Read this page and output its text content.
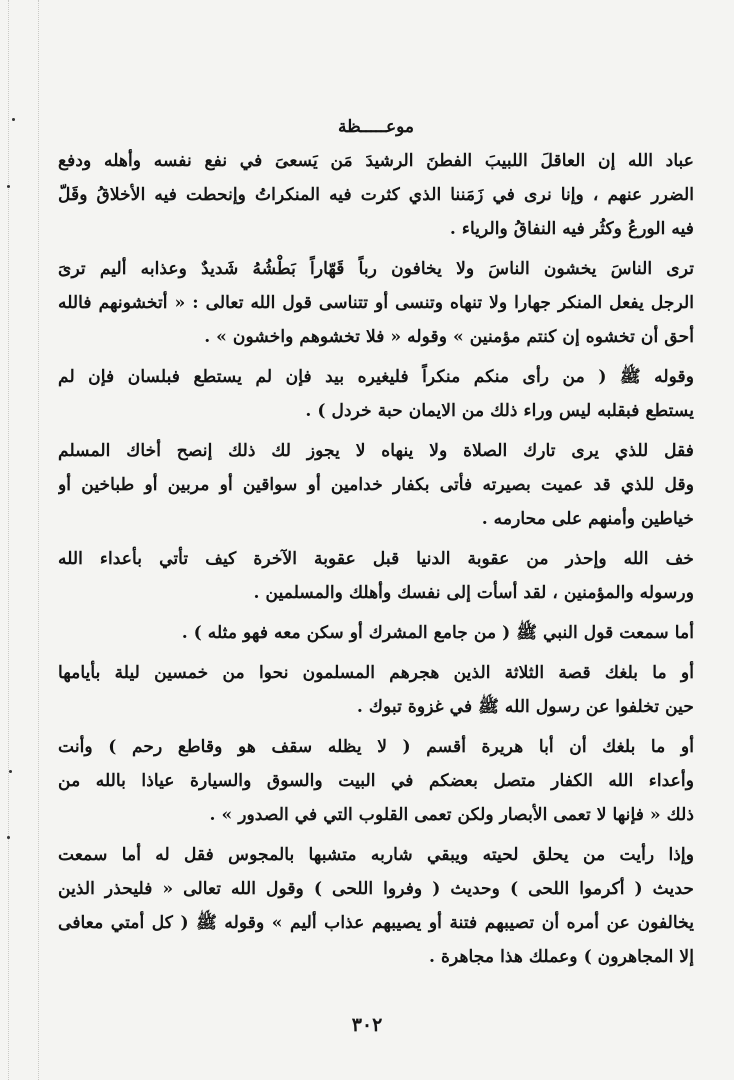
موعـــــظة
عباد الله إن العاقلَ اللبيبَ الفطنَ الرشيدَ مَن يَسعىَ في نفع نفسه وأهله ودفع
الضرر عنهم ، وإنا نرى في زَمَننا الذي كثرت فيه المنكراتُ وإنحطت فيه الأخلاقُ وقَلّ
فيه الورعُ وكثُر فيه النفاقُ والرياء .
ترى الناسَ يخشون الناسَ ولا يخافون رباً قَهّاراً بَطْشُهُ شَديدٌ وعذابه أليم ترىَ
الرجل يفعل المنكر جهارا ولا تنهاه وتنسى أو تتناسى قول الله تعالى : « أتخشونهم فالله
أحق أن تخشوه إن كنتم مؤمنين » وقوله « فلا تخشوهم واخشون » .
وقوله ﷺ ( من رأى منكم منكراً فليغيره بيد فإن لم يستطع فبلسان فإن لم
يستطع فبقلبه ليس وراء ذلك من الايمان حبة خردل ) .
فقل للذي يرى تارك الصلاة ولا ينهاه لا يجوز لك ذلك إنصح أخاك المسلم
وقل للذي قد عميت بصيرته فأتى بكفار خدامين أو سواقين أو مربين أو طباخين أو
خياطين وأمنهم على محارمه .
خف الله وإحذر من عقوبة الدنيا قبل عقوبة الآخرة كيف تأتي بأعداء الله
ورسوله والمؤمنين ، لقد أسأت إلى نفسك وأهلك والمسلمين .
أما سمعت قول النبي ﷺ ( من جامع المشرك أو سكن معه فهو مثله ) .
أو ما بلغك قصة الثلاثة الذين هجرهم المسلمون نحوا من خمسين ليلة بأيامها
حين تخلفوا عن رسول الله ﷺ في غزوة تبوك .
أو ما بلغك أن أبا هريرة أقسم ( لا يظله سقف هو وقاطع رحم ) وأنت
وأعداء الله الكفار متصل بعضكم في البيت والسوق والسيارة عياذا بالله من
ذلك « فإنها لا تعمى الأبصار ولكن تعمى القلوب التي في الصدور » .
وإذا رأيت من يحلق لحيته ويبقي شاربه متشبها بالمجوس فقل له أما سمعت
حديث ( أكرموا اللحى ) وحديث ( وفروا اللحى ) وقول الله تعالى « فليحذر الذين
يخالفون عن أمره أن تصيبهم فتنة أو يصيبهم عذاب أليم » وقوله ﷺ ( كل أمتي معافى
إلا المجاهرون ) وعملك هذا مجاهرة .
٣٠٢
